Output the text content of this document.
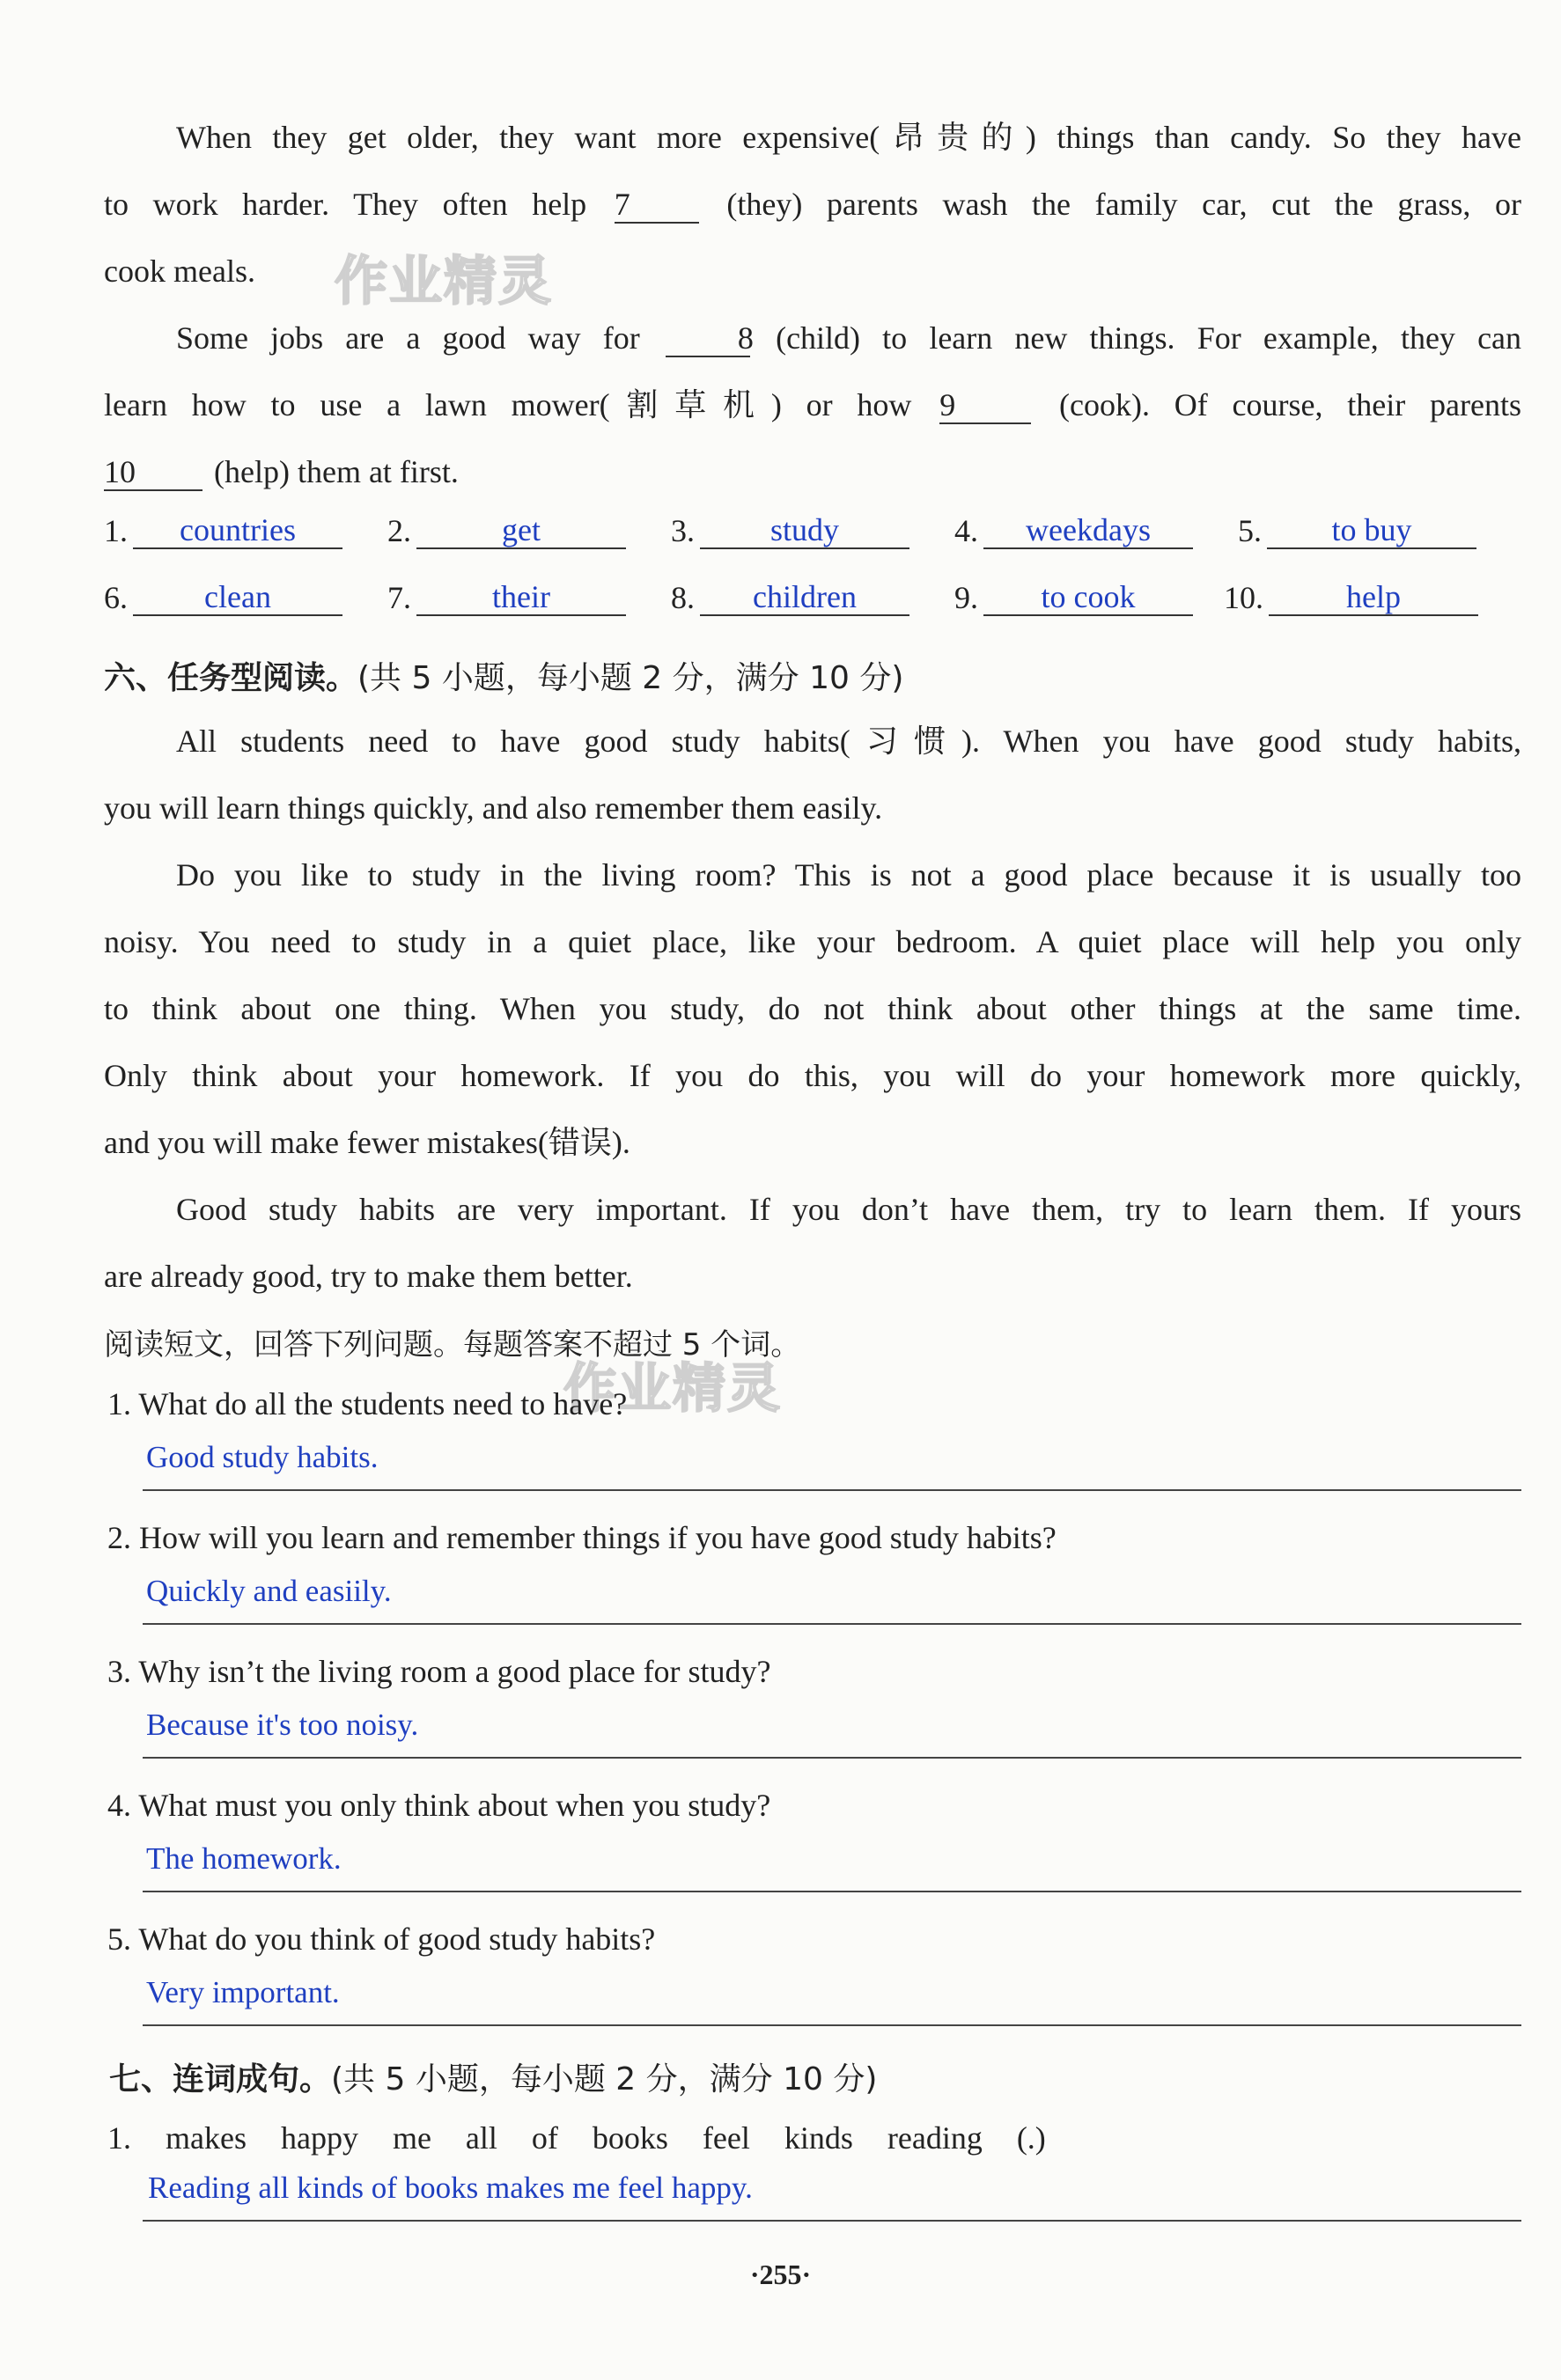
作业精灵
作业精灵
When they get older, they want more expensive(昂贵的) things than candy. So they have
to work harder. They often help 7	(they) parents wash the family car, cut the grass, or
cook meals.
Some jobs are a good way for	8 (child) to learn new things. For example, they can
learn how to use a lawn mower(割草机) or how 9	(cook). Of course, their parents
10 (help) them at first.
1. countries	2.	get	3. study	4. weekdays	5. to buy
6. clean	7.	their	8. children	9. to cook	10.	help
六、任务型阅读。(共 5 小题，每小题 2 分，满分 10 分)
All students need to have good study habits(习惯). When you have good study habits,
you will learn things quickly, and also remember them easily.
Do you like to study in the living room? This is not a good place because it is usually too
noisy. You need to study in a quiet place, like your bedroom. A quiet place will help you only
to think about one thing. When you study, do not think about other things at the same time.
Only think about your homework. If you do this, you will do your homework more quickly,
and you will make fewer mistakes(错误).
Good study habits are very important. If you don’t have them, try to learn them. If yours
are already good, try to make them better.
阅读短文，回答下列问题。每题答案不超过 5 个词。
1. What do all the students need to have?
Good study habits.
2. How will you learn and remember things if you have good study habits?
Quickly and easiily.
3. Why isn’t the living room a good place for study?
Because it's too noisy.
4. What must you only think about when you study?
The homework.
5. What do you think of good study habits?
Very important.
七、连词成句。(共 5 小题，每小题 2 分，满分 10 分)
1. makes happy me all of books feel kinds reading (.)
Reading all kinds of books makes me feel happy.
·255·
